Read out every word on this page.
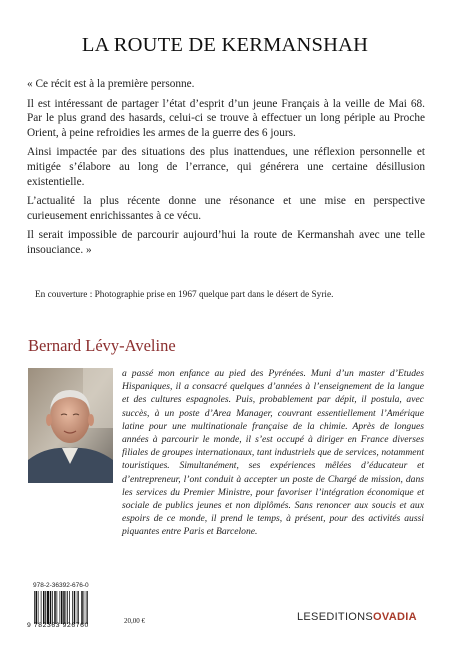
LA ROUTE DE KERMANSHAH

« Ce récit est à la première personne.

Il est intéressant de partager l’état d’esprit d’un jeune Français à la veille de Mai 68. Par le plus grand des hasards, celui-ci se trouve à effectuer un long périple au Proche Orient, à peine refroidies les armes de la guerre des 6 jours.

Ainsi impactée par des situations des plus inattendues, une réflexion personnelle et mitigée s’élabore au long de l’errance, qui générera une certaine désillusion existentielle.

L’actualité la plus récente donne une résonance et une mise en perspective curieusement enrichissantes à ce vécu.

Il serait impossible de parcourir aujourd’hui la route de Kermanshah avec une telle insouciance. »

En couverture : Photographie prise en 1967 quelque part dans le désert de Syrie.
Bernard Lévy-Aveline
a passé mon enfance au pied des Pyrénées. Muni d’un master d’Etudes Hispaniques, il a consacré quelques d’années à l’enseignement de la langue et des cultures espagnoles. Puis, probablement par dépit, il postula, avec succès, à un poste d’Area Manager, couvrant essentiellement l’Amérique latine pour une multinationale française de la chimie. Après de longues années à parcourir le monde, il s’est occupé à diriger en France diverses filiales de groupes internationaux, tant industriels que de services, notamment touristiques. Simultanément, ses expériences mêlées d’éducateur et d’entrepreneur, l’ont conduit à accepter un poste de Chargé de mission, dans les services du Premier Ministre, pour favoriser l’intégration économique et sociale de publics jeunes et non diplômés. Sans renoncer aux soucis et aux espoirs de ce monde, il prend le temps, à présent, pour des activités aussi piquantes entre Paris et Barcelone.
978-2-36392-676-0
9 782363 926760
20,00 €	LESEDITIONSOVADIA
